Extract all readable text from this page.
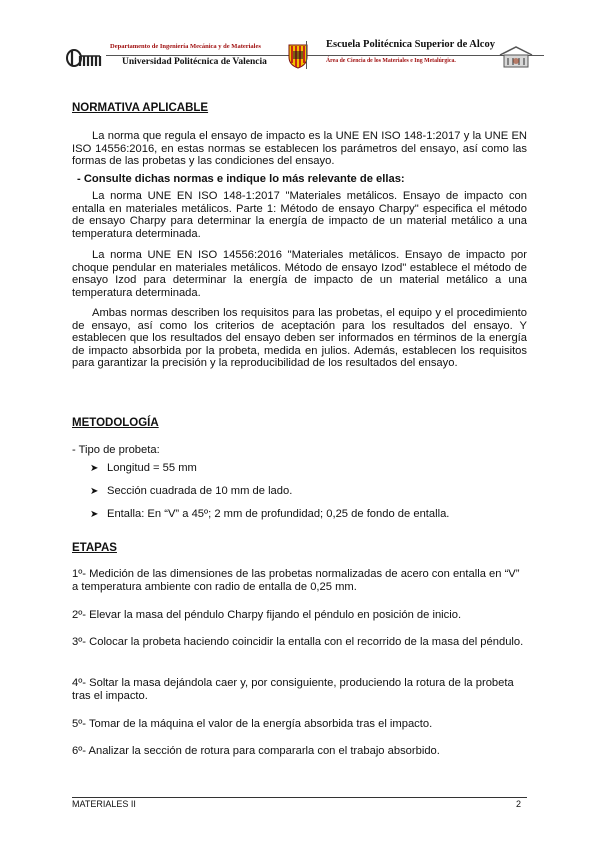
Departamento de Ingeniería Mecánica y de Materiales
Universidad Politécnica de Valencia
Escuela Politécnica Superior de Alcoy
Área de Ciencia de los Materiales e Ing Metalúrgica.
NORMATIVA APLICABLE

La norma que regula el ensayo de impacto es la UNE EN ISO 148-1:2017 y la UNE EN ISO 14556:2016, en estas normas se establecen los parámetros del ensayo, así como las formas de las probetas y las condiciones del ensayo.

- Consulte dichas normas e indique lo más relevante de ellas:

La norma UNE EN ISO 148-1:2017 "Materiales metálicos. Ensayo de impacto con entalla en materiales metálicos. Parte 1: Método de ensayo Charpy" especifica el método de ensayo Charpy para determinar la energía de impacto de un material metálico a una temperatura determinada.

La norma UNE EN ISO 14556:2016 "Materiales metálicos. Ensayo de impacto por choque pendular en materiales metálicos. Método de ensayo Izod" establece el método de ensayo Izod para determinar la energía de impacto de un material metálico a una temperatura determinada.

Ambas normas describen los requisitos para las probetas, el equipo y el procedimiento de ensayo, así como los criterios de aceptación para los resultados del ensayo. Y establecen que los resultados del ensayo deben ser informados en términos de la energía de impacto absorbida por la probeta, medida en julios. Además, establecen los requisitos para garantizar la precisión y la reproducibilidad de los resultados del ensayo.

METODOLOGÍA

- Tipo de probeta:

➤ Longitud = 55 mm
➤ Sección cuadrada de 10 mm de lado.
➤ Entalla: En “V” a 45º; 2 mm de profundidad; 0,25 de fondo de entalla.
ETAPAS

1º- Medición de las dimensiones de las probetas normalizadas de acero con entalla en “V” a temperatura ambiente con radio de entalla de 0,25 mm.

2º- Elevar la masa del péndulo Charpy fijando el péndulo en posición de inicio.

3º- Colocar la probeta haciendo coincidir la entalla con el recorrido de la masa del péndulo.

4º- Soltar la masa dejándola caer y, por consiguiente, produciendo la rotura de la probeta tras el impacto.

5º- Tomar de la máquina el valor de la energía absorbida tras el impacto.

6º- Analizar la sección de rotura para compararla con el trabajo absorbido.

MATERIALES II	2
